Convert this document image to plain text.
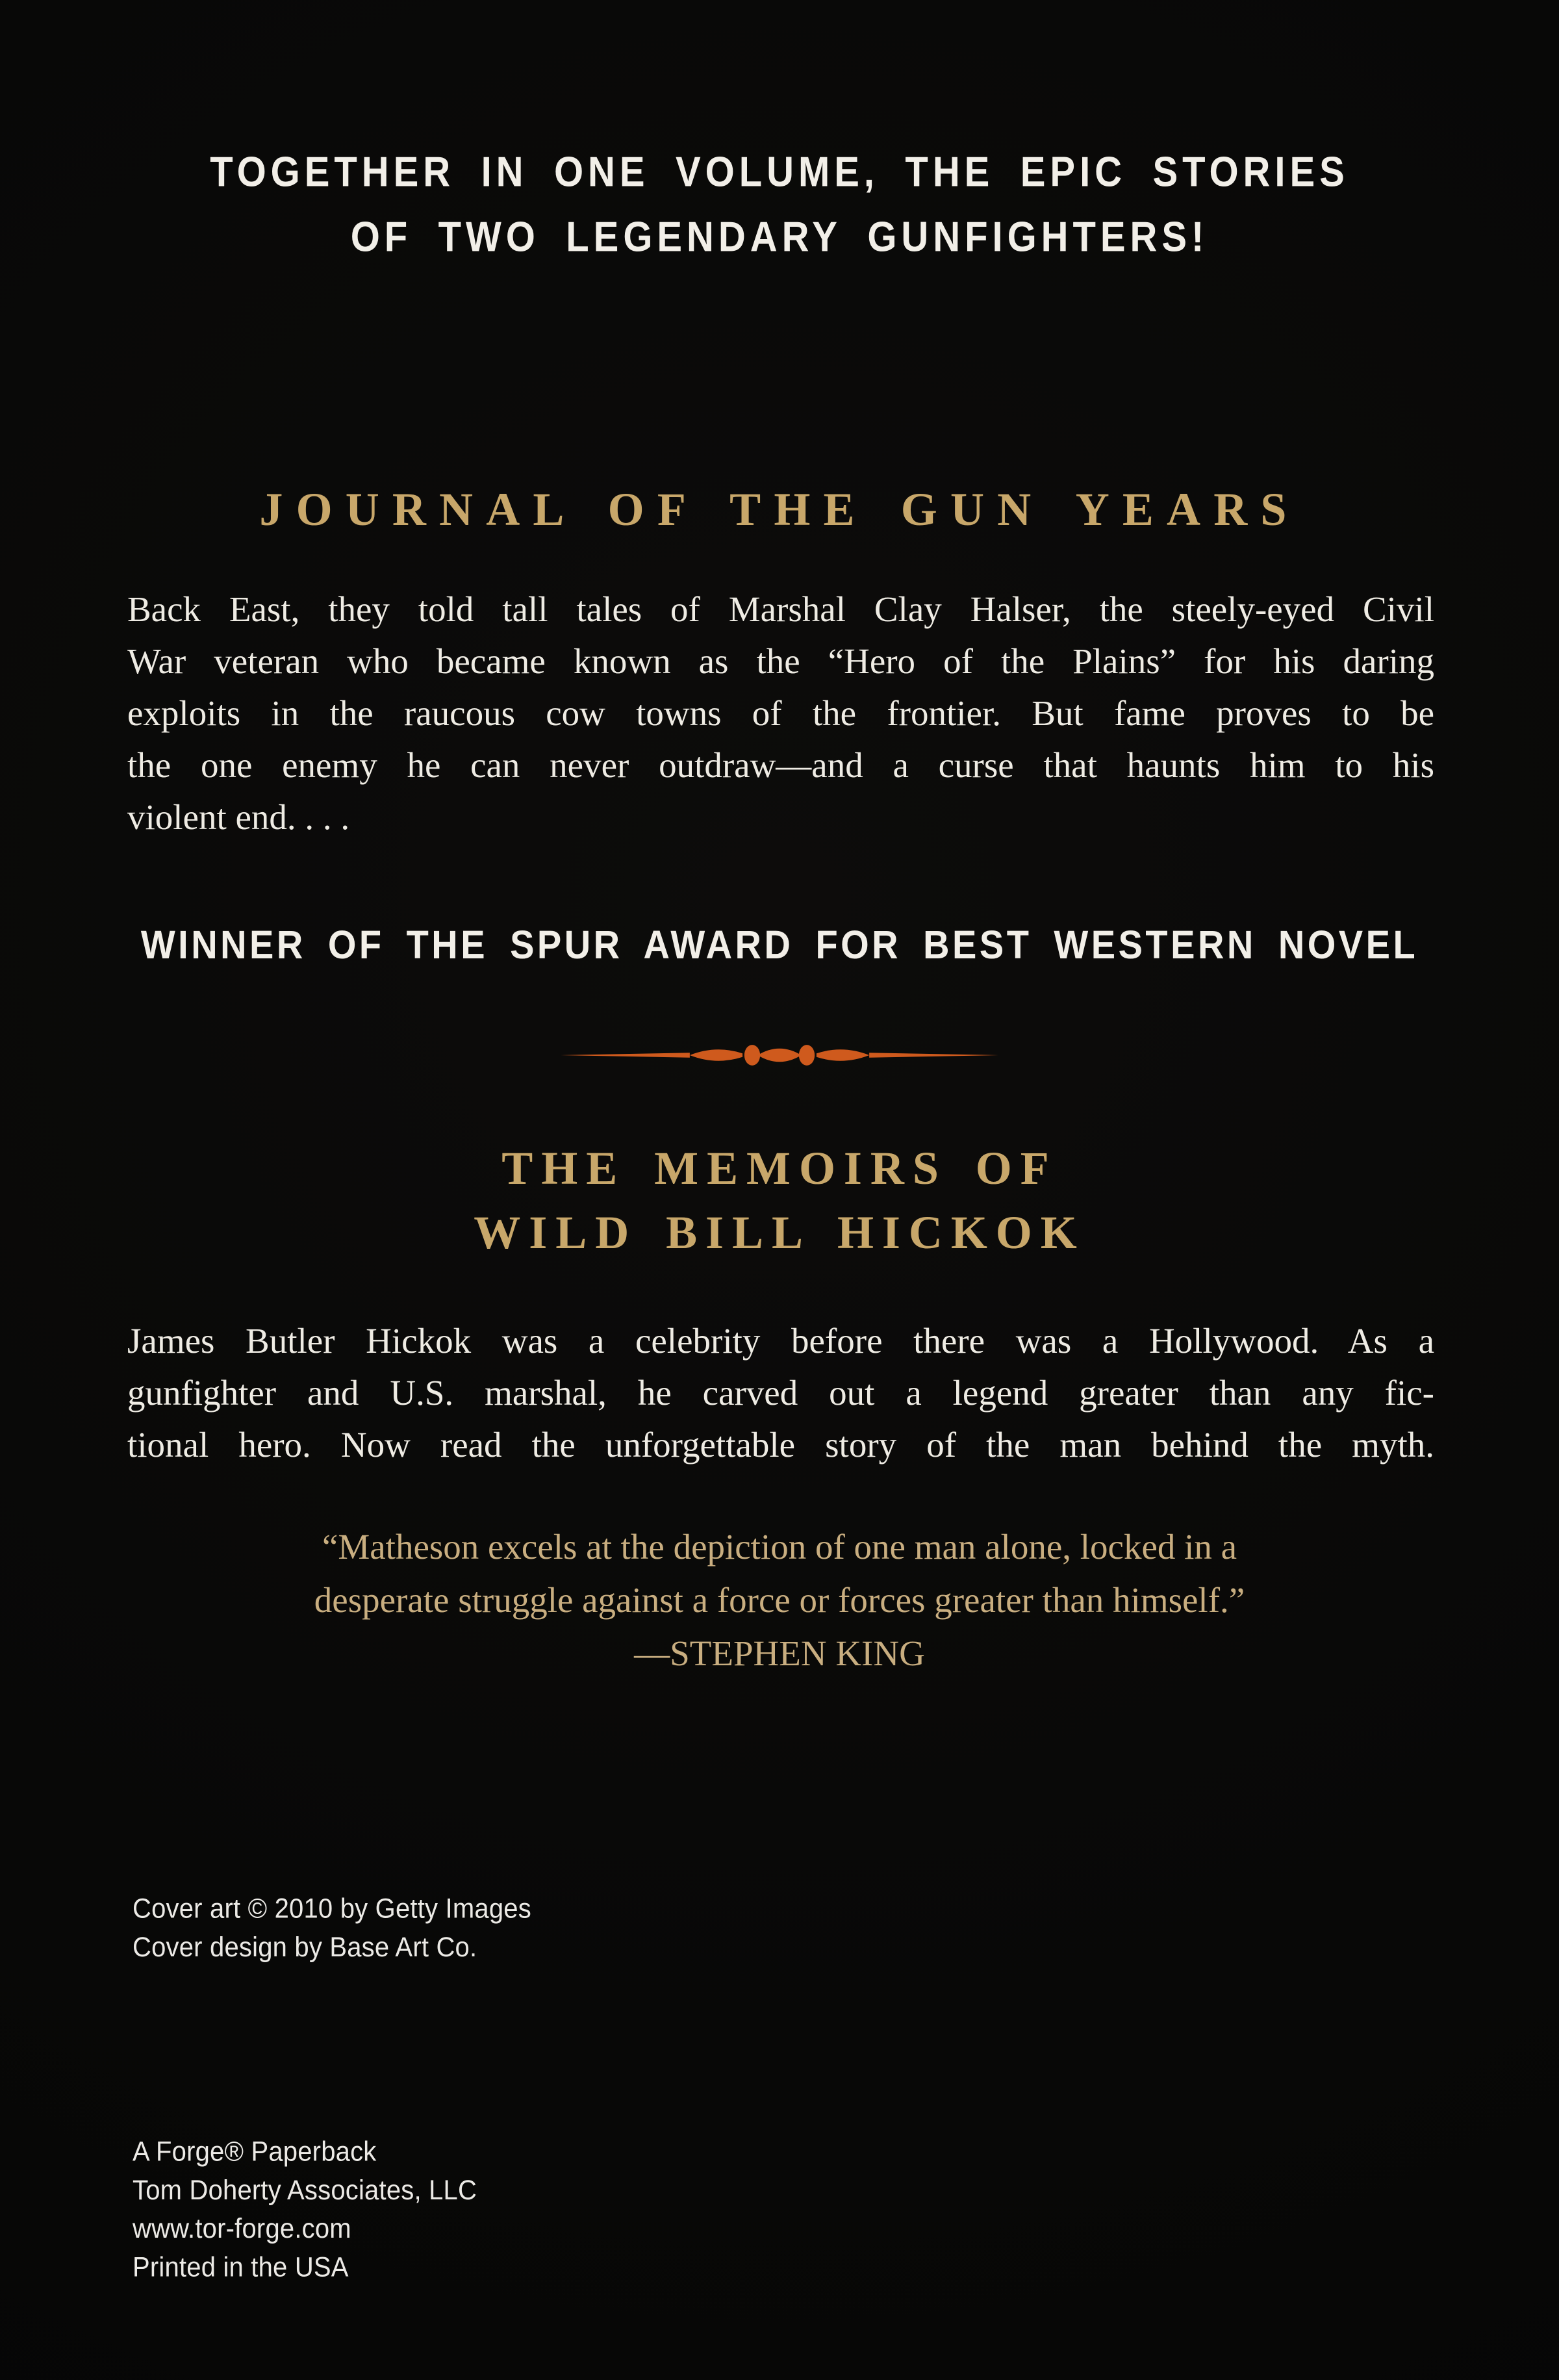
TOGETHER IN ONE VOLUME, THE EPIC STORIES
OF TWO LEGENDARY GUNFIGHTERS!
JOURNAL OF THE GUN YEARS
Back East, they told tall tales of Marshal Clay Halser, the steely-eyed Civil
War veteran who became known as the “Hero of the Plains” for his daring
exploits in the raucous cow towns of the frontier. But fame proves to be
the one enemy he can never outdraw—and a curse that haunts him to his
violent end. . . .
WINNER OF THE SPUR AWARD FOR BEST WESTERN NOVEL
THE MEMOIRS OF
WILD BILL HICKOK
James Butler Hickok was a celebrity before there was a Hollywood. As a
gunfighter and U.S. marshal, he carved out a legend greater than any fic-
tional hero. Now read the unforgettable story of the man behind the myth.
“Matheson excels at the depiction of one man alone, locked in a
desperate struggle against a force or forces greater than himself.”
—STEPHEN KING
Cover art © 2010 by Getty Images
Cover design by Base Art Co.
A Forge® Paperback
Tom Doherty Associates, LLC
www.tor-forge.com
Printed in the USA
